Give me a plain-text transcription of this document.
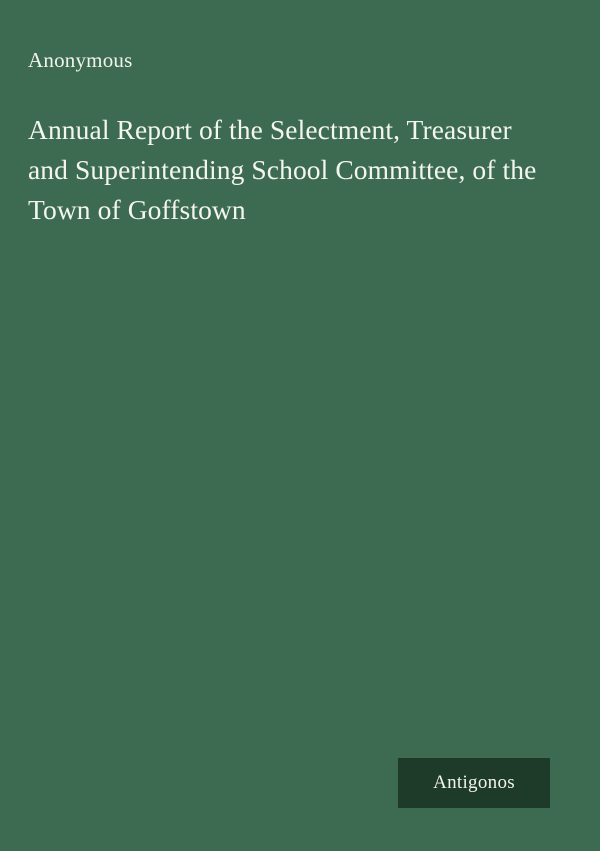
Anonymous
Annual Report of the Selectment, Treasurer and Superintending School Committee, of the Town of Goffstown
Antigonos
